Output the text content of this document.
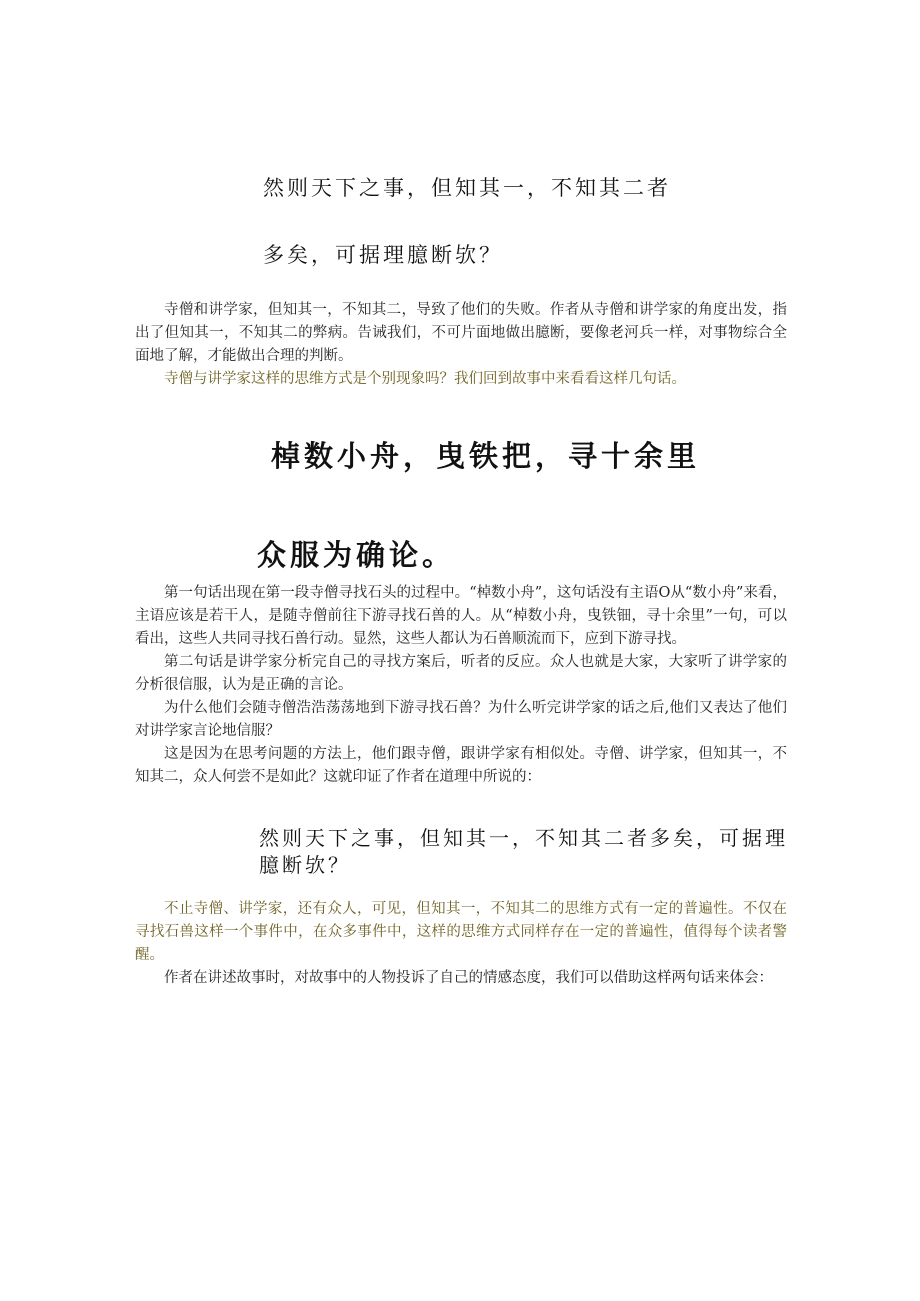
然则天下之事，但知其一，不知其二者
多矣，可据理臆断欤？

寺僧和讲学家，但知其一，不知其二，导致了他们的失败。作者从寺僧和讲学家的角度出发，指出了但知其一，不知其二的弊病。告诫我们，不可片面地做出臆断，要像老河兵一样，对事物综合全面地了解，才能做出合理的判断。

寺僧与讲学家这样的思维方式是个别现象吗？我们回到故事中来看看这样几句话。

棹数小舟，曳铁把，寻十余里
众服为确论。

第一句话出现在第一段寺僧寻找石头的过程中。“棹数小舟”，这句话没有主语O从“数小舟”来看，主语应该是若干人，是随寺僧前往下游寻找石兽的人。从“棹数小舟，曳铁钿，寻十余里”一句，可以看出，这些人共同寻找石兽行动。显然，这些人都认为石兽顺流而下，应到下游寻找。

第二句话是讲学家分析完自己的寻找方案后，听者的反应。众人也就是大家，大家听了讲学家的分析很信服，认为是正确的言论。

为什么他们会随寺僧浩浩荡荡地到下游寻找石兽？为什么听完讲学家的话之后,他们又表达了他们对讲学家言论地信服？

这是因为在思考问题的方法上，他们跟寺僧，跟讲学家有相似处。寺僧、讲学家，但知其一，不知其二，众人何尝不是如此？这就印证了作者在道理中所说的：

然则天下之事，但知其一，不知其二者多矣，可据理臆断欤？

不止寺僧、讲学家，还有众人，可见，但知其一，不知其二的思维方式有一定的普遍性。不仅在寻找石兽这样一个事件中，在众多事件中，这样的思维方式同样存在一定的普遍性，值得每个读者警醒。

作者在讲述故事时，对故事中的人物投诉了自己的情感态度，我们可以借助这样两句话来体会：
